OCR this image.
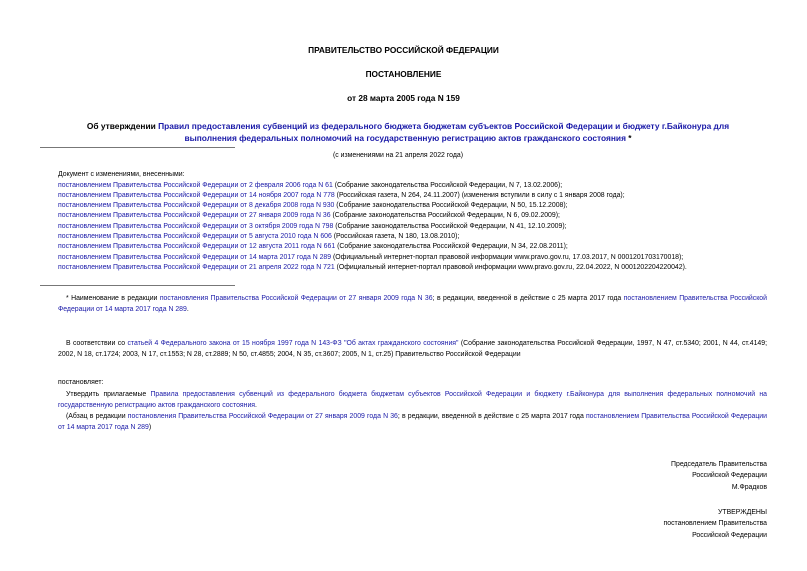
ПРАВИТЕЛЬСТВО РОССИЙСКОЙ ФЕДЕРАЦИИ
ПОСТАНОВЛЕНИЕ
от 28 марта 2005 года N 159
Об утверждении Правил предоставления субвенций из федерального бюджета бюджетам субъектов Российской Федерации и бюджету г.Байконура для
выполнения федеральных полномочий на государственную регистрацию актов гражданского состояния *
(с изменениями на 21 апреля 2022 года)
Документ с изменениями, внесенными:
постановлением Правительства Российской Федерации от 2 февраля 2006 года N 61 (Собрание законодательства Российской Федерации, N 7, 13.02.2006);
постановлением Правительства Российской Федерации от 14 ноября 2007 года N 778 (Российская газета, N 264, 24.11.2007) (изменения вступили в силу с 1 января 2008 года);
постановлением Правительства Российской Федерации от 8 декабря 2008 года N 930 (Собрание законодательства Российской Федерации, N 50, 15.12.2008);
постановлением Правительства Российской Федерации от 27 января 2009 года N 36 (Собрание законодательства Российской Федерации, N 6, 09.02.2009);
постановлением Правительства Российской Федерации от 3 октября 2009 года N 798 (Собрание законодательства Российской Федерации, N 41, 12.10.2009);
постановлением Правительства Российской Федерации от 5 августа 2010 года N 606 (Российская газета, N 180, 13.08.2010);
постановлением Правительства Российской Федерации от 12 августа 2011 года N 661 (Собрание законодательства Российской Федерации, N 34, 22.08.2011);
постановлением Правительства Российской Федерации от 14 марта 2017 года N 289 (Официальный интернет-портал правовой информации www.pravo.gov.ru, 17.03.2017, N 0001201703170018);
постановлением Правительства Российской Федерации от 21 апреля 2022 года N 721 (Официальный интернет-портал правовой информации www.pravo.gov.ru, 22.04.2022, N 0001202204220042).
* Наименование в редакции постановления Правительства Российской Федерации от 27 января 2009 года N 36; в редакции, введенной в действие с 25 марта 2017 года постановлением Правительства Российской Федерации от 14 марта 2017 года N 289.
В соответствии со статьей 4 Федерального закона от 15 ноября 1997 года N 143-ФЗ "Об актах гражданского состояния" (Собрание законодательства Российской Федерации, 1997, N 47, ст.5340; 2001, N 44, ст.4149; 2002, N 18, ст.1724; 2003, N 17, ст.1553; N 28, ст.2889; N 50, ст.4855; 2004, N 35, ст.3607; 2005, N 1, ст.25) Правительство Российской Федерации
постановляет:
Утвердить прилагаемые Правила предоставления субвенций из федерального бюджета бюджетам субъектов Российской Федерации и бюджету г.Байконура для выполнения федеральных полномочий на государственную регистрацию актов гражданского состояния.
(Абзац в редакции постановления Правительства Российской Федерации от 27 января 2009 года N 36; в редакции, введенной в действие с 25 марта 2017 года постановлением Правительства Российской Федерации от 14 марта 2017 года N 289)
Председатель Правительства
Российской Федерации
М.Фрадков
УТВЕРЖДЕНЫ
постановлением Правительства
Российской Федерации
